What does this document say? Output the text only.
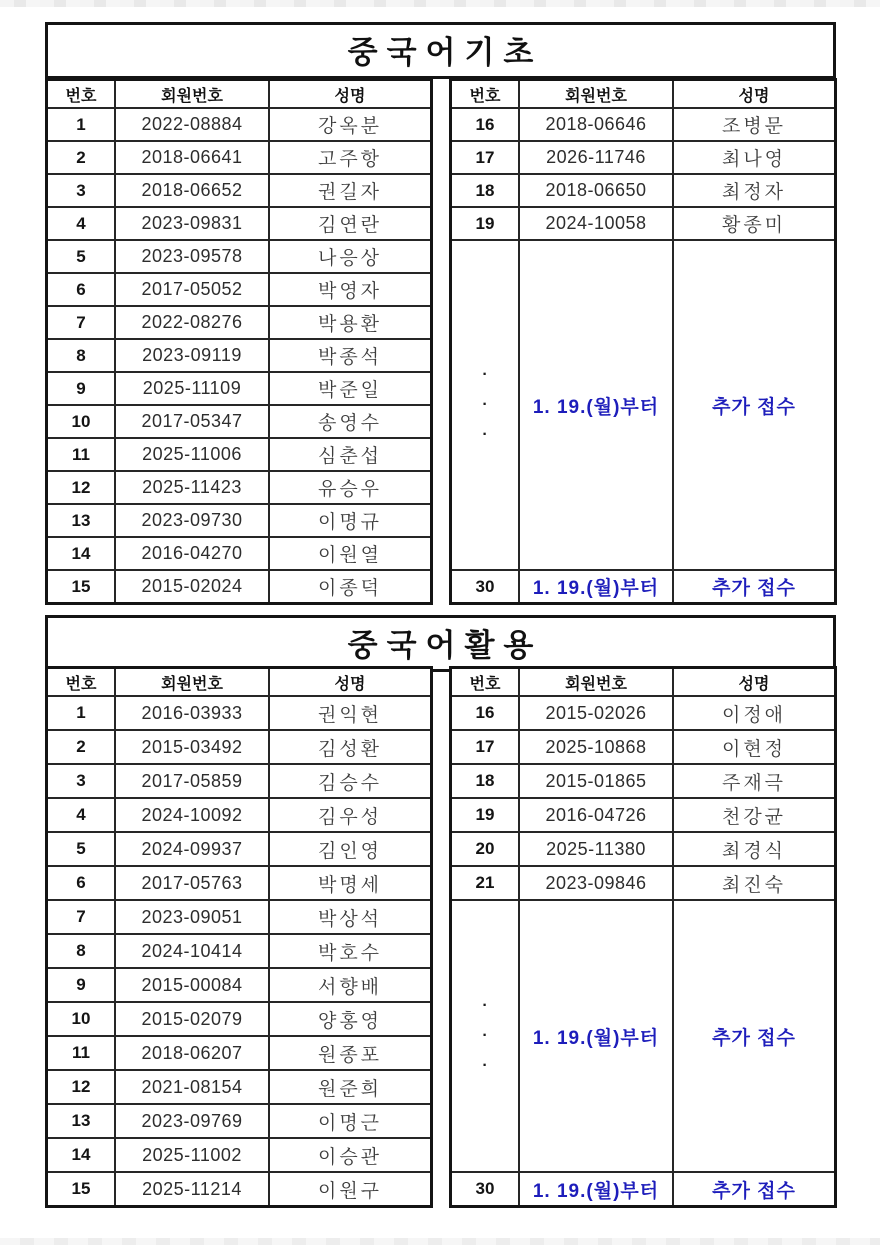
중국어기초
번호	회원번호	성명
1	2022-08884	강옥분
2	2018-06641	고주항
3	2018-06652	권길자
4	2023-09831	김연란
5	2023-09578	나응상
6	2017-05052	박영자
7	2022-08276	박용환
8	2023-09119	박종석
9	2025-11109	박준일
10	2017-05347	송영수
11	2025-11006	심춘섭
12	2025-11423	유승우
13	2023-09730	이명규
14	2016-04270	이원열
15	2015-02024	이종덕
번호	회원번호	성명
16	2018-06646	조병문
17	2026-11746	최나영
18	2018-06650	최정자
19	2024-10058	황종미

·
·
·	1. 19.(월)부터	추가 접수
30	1. 19.(월)부터	추가 접수
중국어활용
번호	회원번호	성명
1	2016-03933	권익현
2	2015-03492	김성환
3	2017-05859	김승수
4	2024-10092	김우성
5	2024-09937	김인영
6	2017-05763	박명세
7	2023-09051	박상석
8	2024-10414	박호수
9	2015-00084	서향배
10	2015-02079	양홍영
11	2018-06207	원종포
12	2021-08154	원준희
13	2023-09769	이명근
14	2025-11002	이승관
15	2025-11214	이원구
번호	회원번호	성명
16	2015-02026	이정애
17	2025-10868	이현정
18	2015-01865	주재극
19	2016-04726	천강균
20	2025-11380	최경식
21	2023-09846	최진숙

·
·
·	1. 19.(월)부터	추가 접수
30	1. 19.(월)부터	추가 접수
